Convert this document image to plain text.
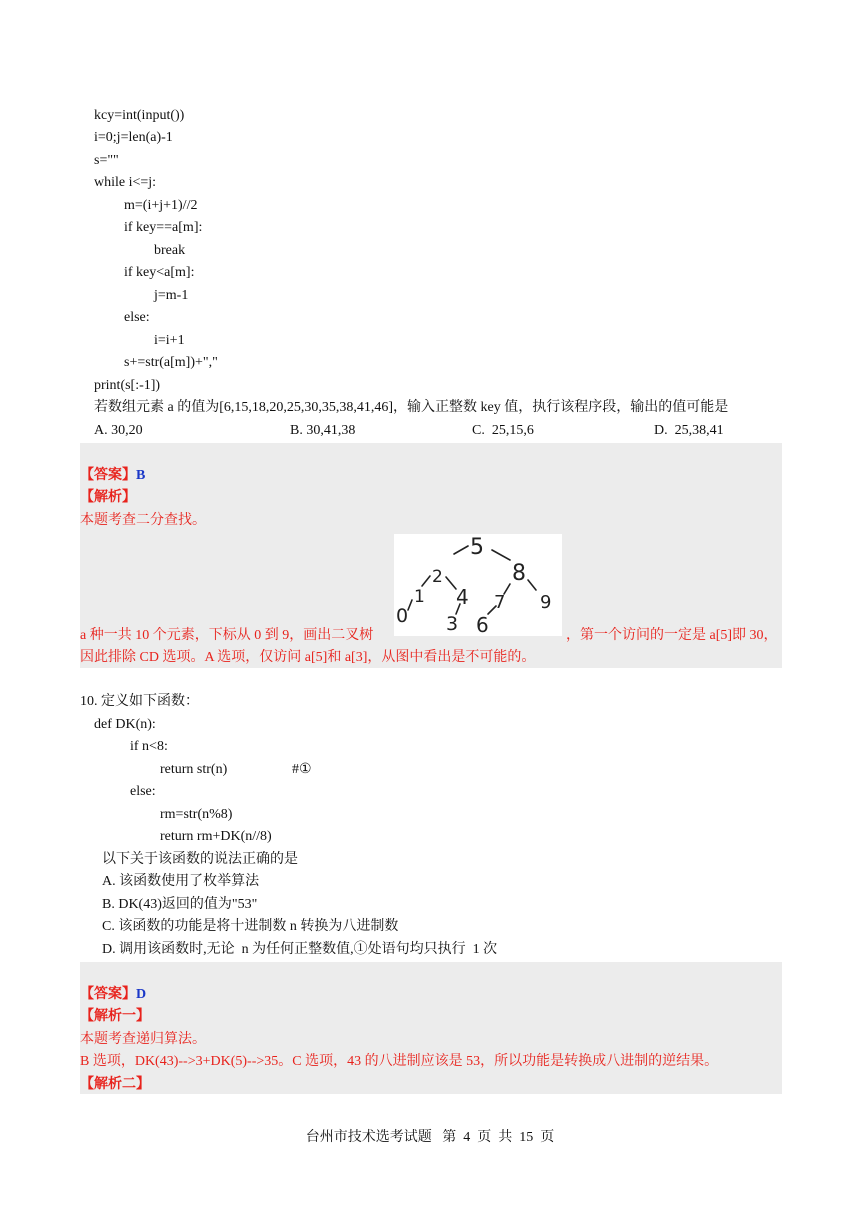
kcy=int(input())
i=0;j=len(a)-1
s=""
while i<=j:
m=(i+j+1)//2
if key==a[m]:
break
if key<a[m]:
j=m-1
else:
i=i+1
s+=str(a[m])+","
print(s[:-1])
若数组元素 a 的值为[6,15,18,20,25,30,35,38,41,46]，输入正整数 key 值，执行该程序段，输出的值可能是
A. 30,20	B. 30,41,38	C.  25,15,6	D.  25,38,41
【答案】B
【解析】
本题考查二分查找。
5
2	8
1 4 7 9
0 3 6
a 种一共 10 个元素，下标从 0 到 9，画出二叉树	，第一个访问的一定是 a[5]即 30，
因此排除 CD 选项。A 选项，仅访问 a[5]和 a[3]，从图中看出是不可能的。
10. 定义如下函数：
def DK(n):
if n<8:
return str(n)	#①
else:
rm=str(n%8)
return rm+DK(n//8)
以下关于该函数的说法正确的是
A. 该函数使用了枚举算法
B. DK(43)返回的值为"53"
C. 该函数的功能是将十进制数 n 转换为八进制数
D. 调用该函数时,无论  n 为任何正整数值,①处语句均只执行  1 次
【答案】D
【解析一】
本题考查递归算法。
B 选项，DK(43)-->3+DK(5)-->35。C 选项，43 的八进制应该是 53，所以功能是转换成八进制的逆结果。
【解析二】
台州市技术选考试题   第  4  页  共  15  页
